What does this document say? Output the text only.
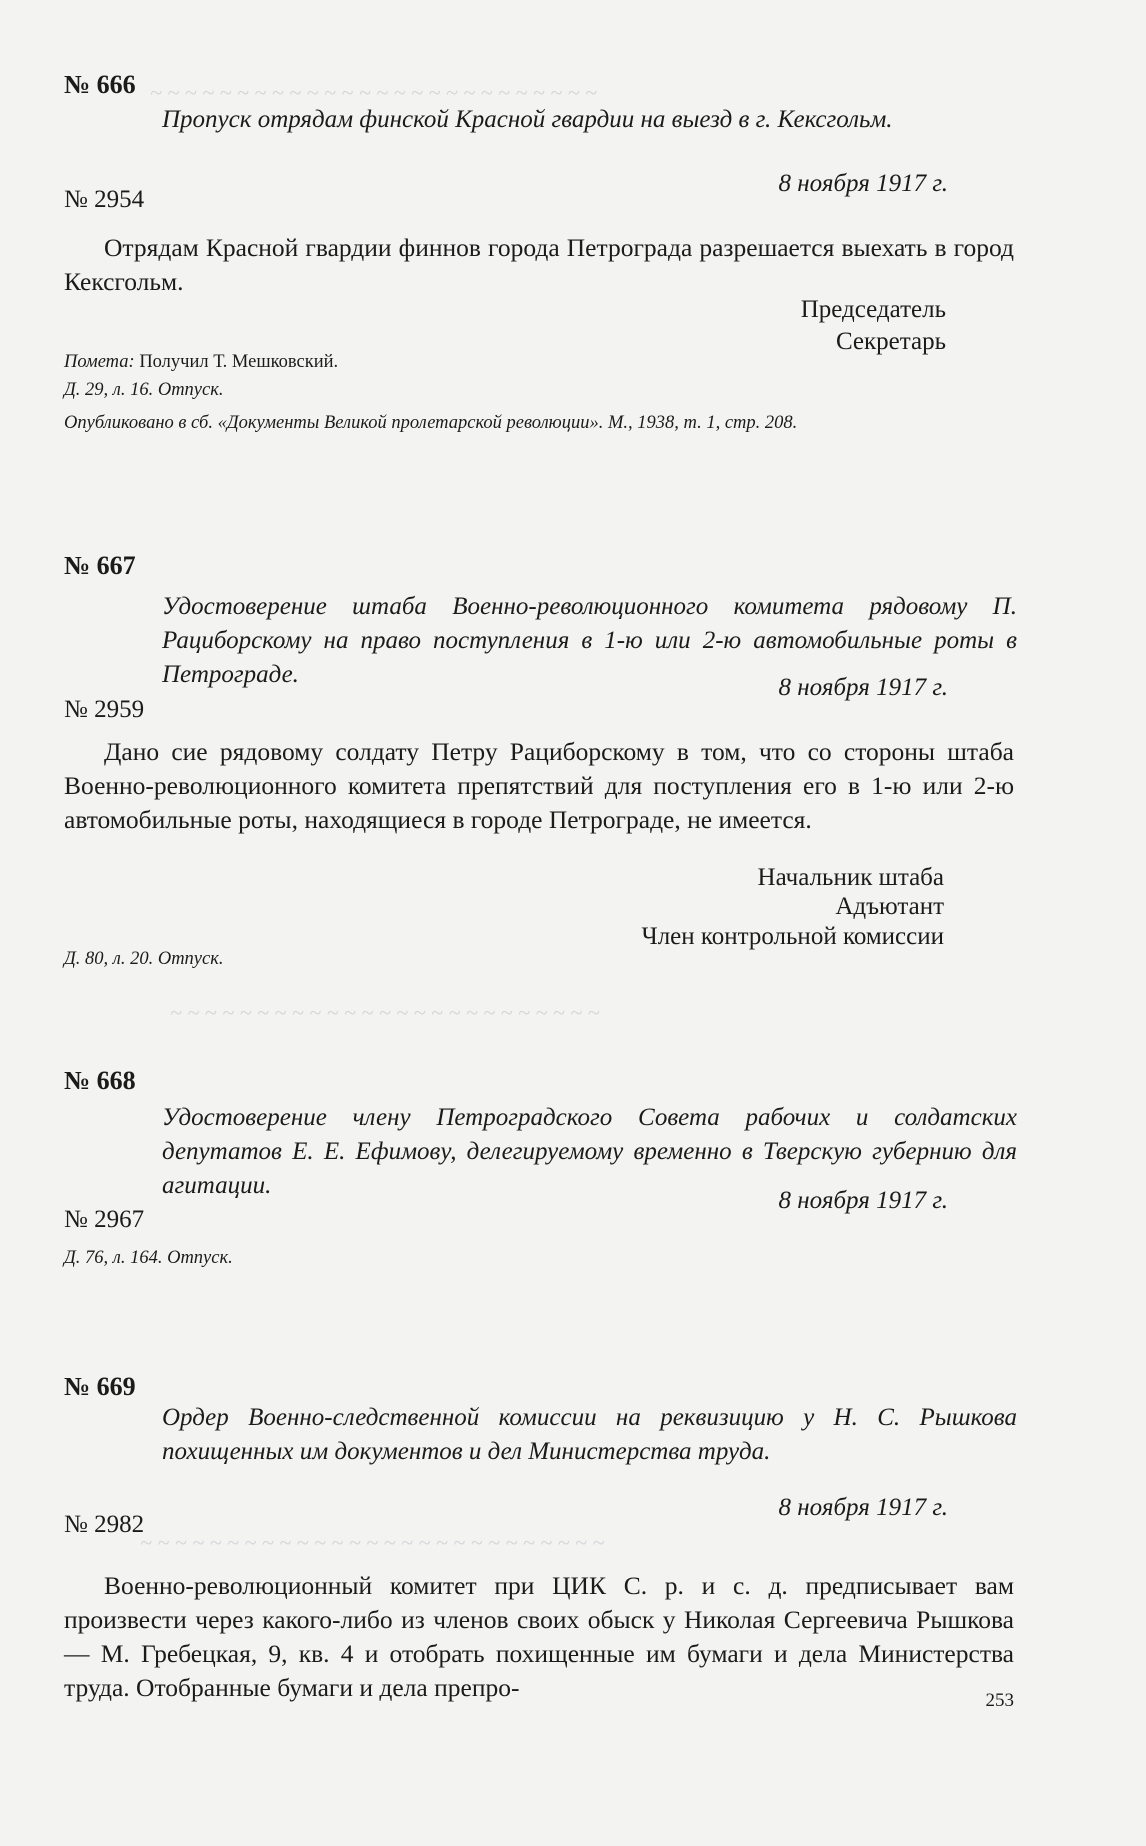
~ ~ ~ ~ ~ ~ ~ ~ ~ ~ ~ ~ ~ ~ ~ ~ ~ ~ ~ ~ ~ ~ ~ ~ ~ ~
~ ~ ~ ~ ~ ~ ~ ~ ~ ~ ~ ~ ~ ~ ~ ~ ~ ~ ~ ~ ~ ~ ~ ~ ~
~ ~ ~ ~ ~ ~ ~ ~ ~ ~ ~ ~ ~ ~ ~ ~ ~ ~ ~ ~ ~ ~ ~ ~ ~ ~ ~
№ 666
Пропуск отрядам финской Красной гвардии на выезд в г. Кексгольм.
8 ноября 1917 г.
№ 2954
Отрядам Красной гвардии финнов города Петрограда разрешается выехать в город Кексгольм.
Председатель
Секретарь
Помета: Получил Т. Мешковский.
Д. 29, л. 16. Отпуск.
Опубликовано в сб. «Документы Великой пролетарской революции». М., 1938, т. 1, стр. 208.
№ 667
Удостоверение штаба Военно-революционного комитета рядовому П. Рациборскому на право поступления в 1-ю или 2-ю автомобильные роты в Петрограде.	8 ноября 1917 г.
№ 2959
Дано сие рядовому солдату Петру Рациборскому в том, что со стороны штаба Военно-революционного комитета препятствий для поступления его в 1-ю или 2-ю автомобильные роты, находящиеся в городе Петрограде, не имеется.
Начальник штаба
Адъютант
Член контрольной комиссии
Д. 80, л. 20. Отпуск.
№ 668
Удостоверение члену Петроградского Совета рабочих и солдатских депутатов Е. Е. Ефимову, делегируемому временно в Тверскую губернию для агитации.
8 ноября 1917 г.
№ 2967
Д. 76, л. 164. Отпуск.
№ 669
Ордер Военно-следственной комиссии на реквизицию у Н. С. Рышкова похищенных им документов и дел Министерства труда.
8 ноября 1917 г.
№ 2982
Военно-революционный комитет при ЦИК С. р. и с. д. предписывает вам произвести через какого-либо из членов своих обыск у Николая Сергеевича Рышкова — М. Гребецкая, 9, кв. 4 и отобрать похищенные им бумаги и дела Министерства труда. Отобранные бумаги и дела препро-	253
